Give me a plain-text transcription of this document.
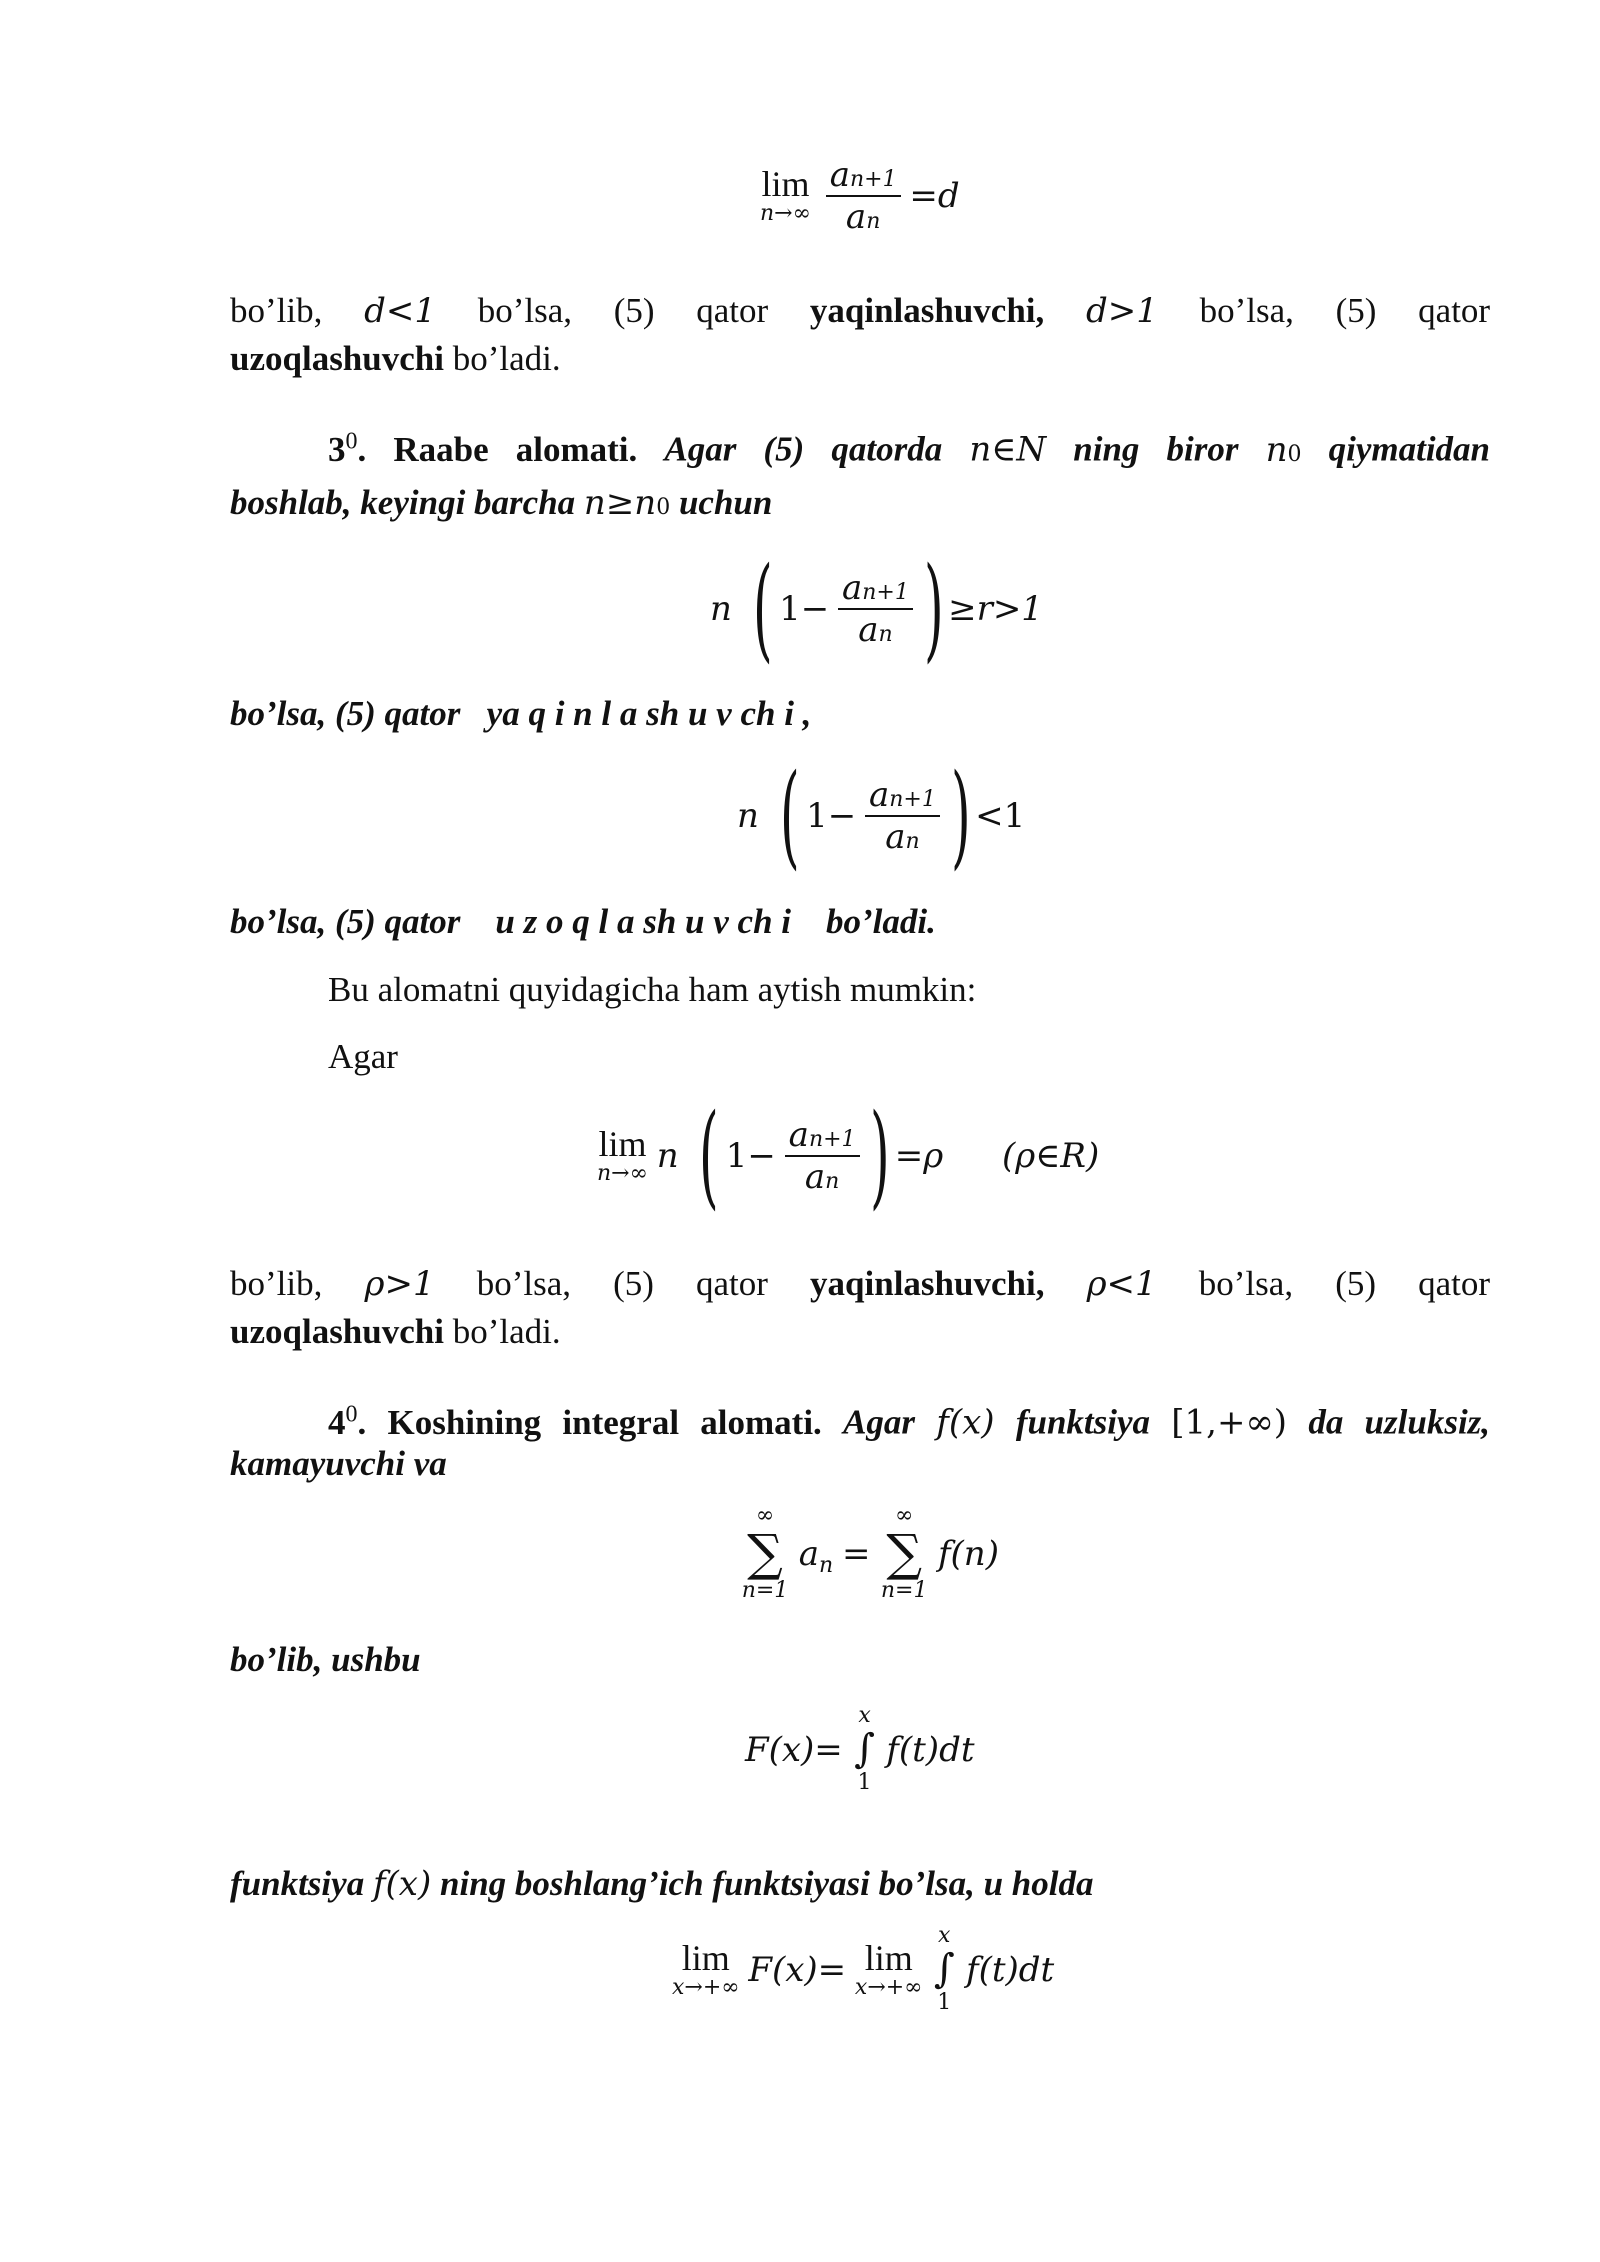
lim
n→∞
$\frac{an+1}{an} =d$
bo’lib, d<1 bo’lsa, (5) qator yaqinlashuvchi, d>1 bo’lsa, (5) qator
uzoqlashuvchi bo’ladi.
$3^0$. Raabe alomati. Agar (5) qatorda n∈N ning biror n0 qiymatidan
boshlab, keyingi barcha n≥n0 uchun
n ( $1- \frac{an+1}{an}$ ) ≥r>1
bo’lsa, (5) qator ya q i n l a sh u v ch i ,
n ( $1- \frac{an+1}{an}$ ) <1
bo’lsa, (5) qator u z o q l a sh u v ch i bo’ladi.
Bu alomatni quyidagicha ham aytish mumkin:
Agar
lim
n→∞ n ( $1- \frac{an+1}{an}$ ) =ρ (ρ∈R)
bo’lib, ρ>1 bo’lsa, (5) qator yaqinlashuvchi, ρ<1 bo’lsa, (5) qator
uzoqlashuvchi bo’ladi.
$4^0$. Koshining integral alomati. Agar f(x) funktsiya [1,+∞) da uzluksiz,
kamayuvchi va
∞
∑
n=1
$a_n$ =
∞
∑
n=1
f(n)
bo’lib, ushbu
F(x)=
x
∫
1
f(t)dt
funktsiya f(x) ning boshlang’ich funktsiyasi bo’lsa, u holda
lim
x→+∞ F(x)= lim
x→+∞

x
∫
1
f(t)dt
